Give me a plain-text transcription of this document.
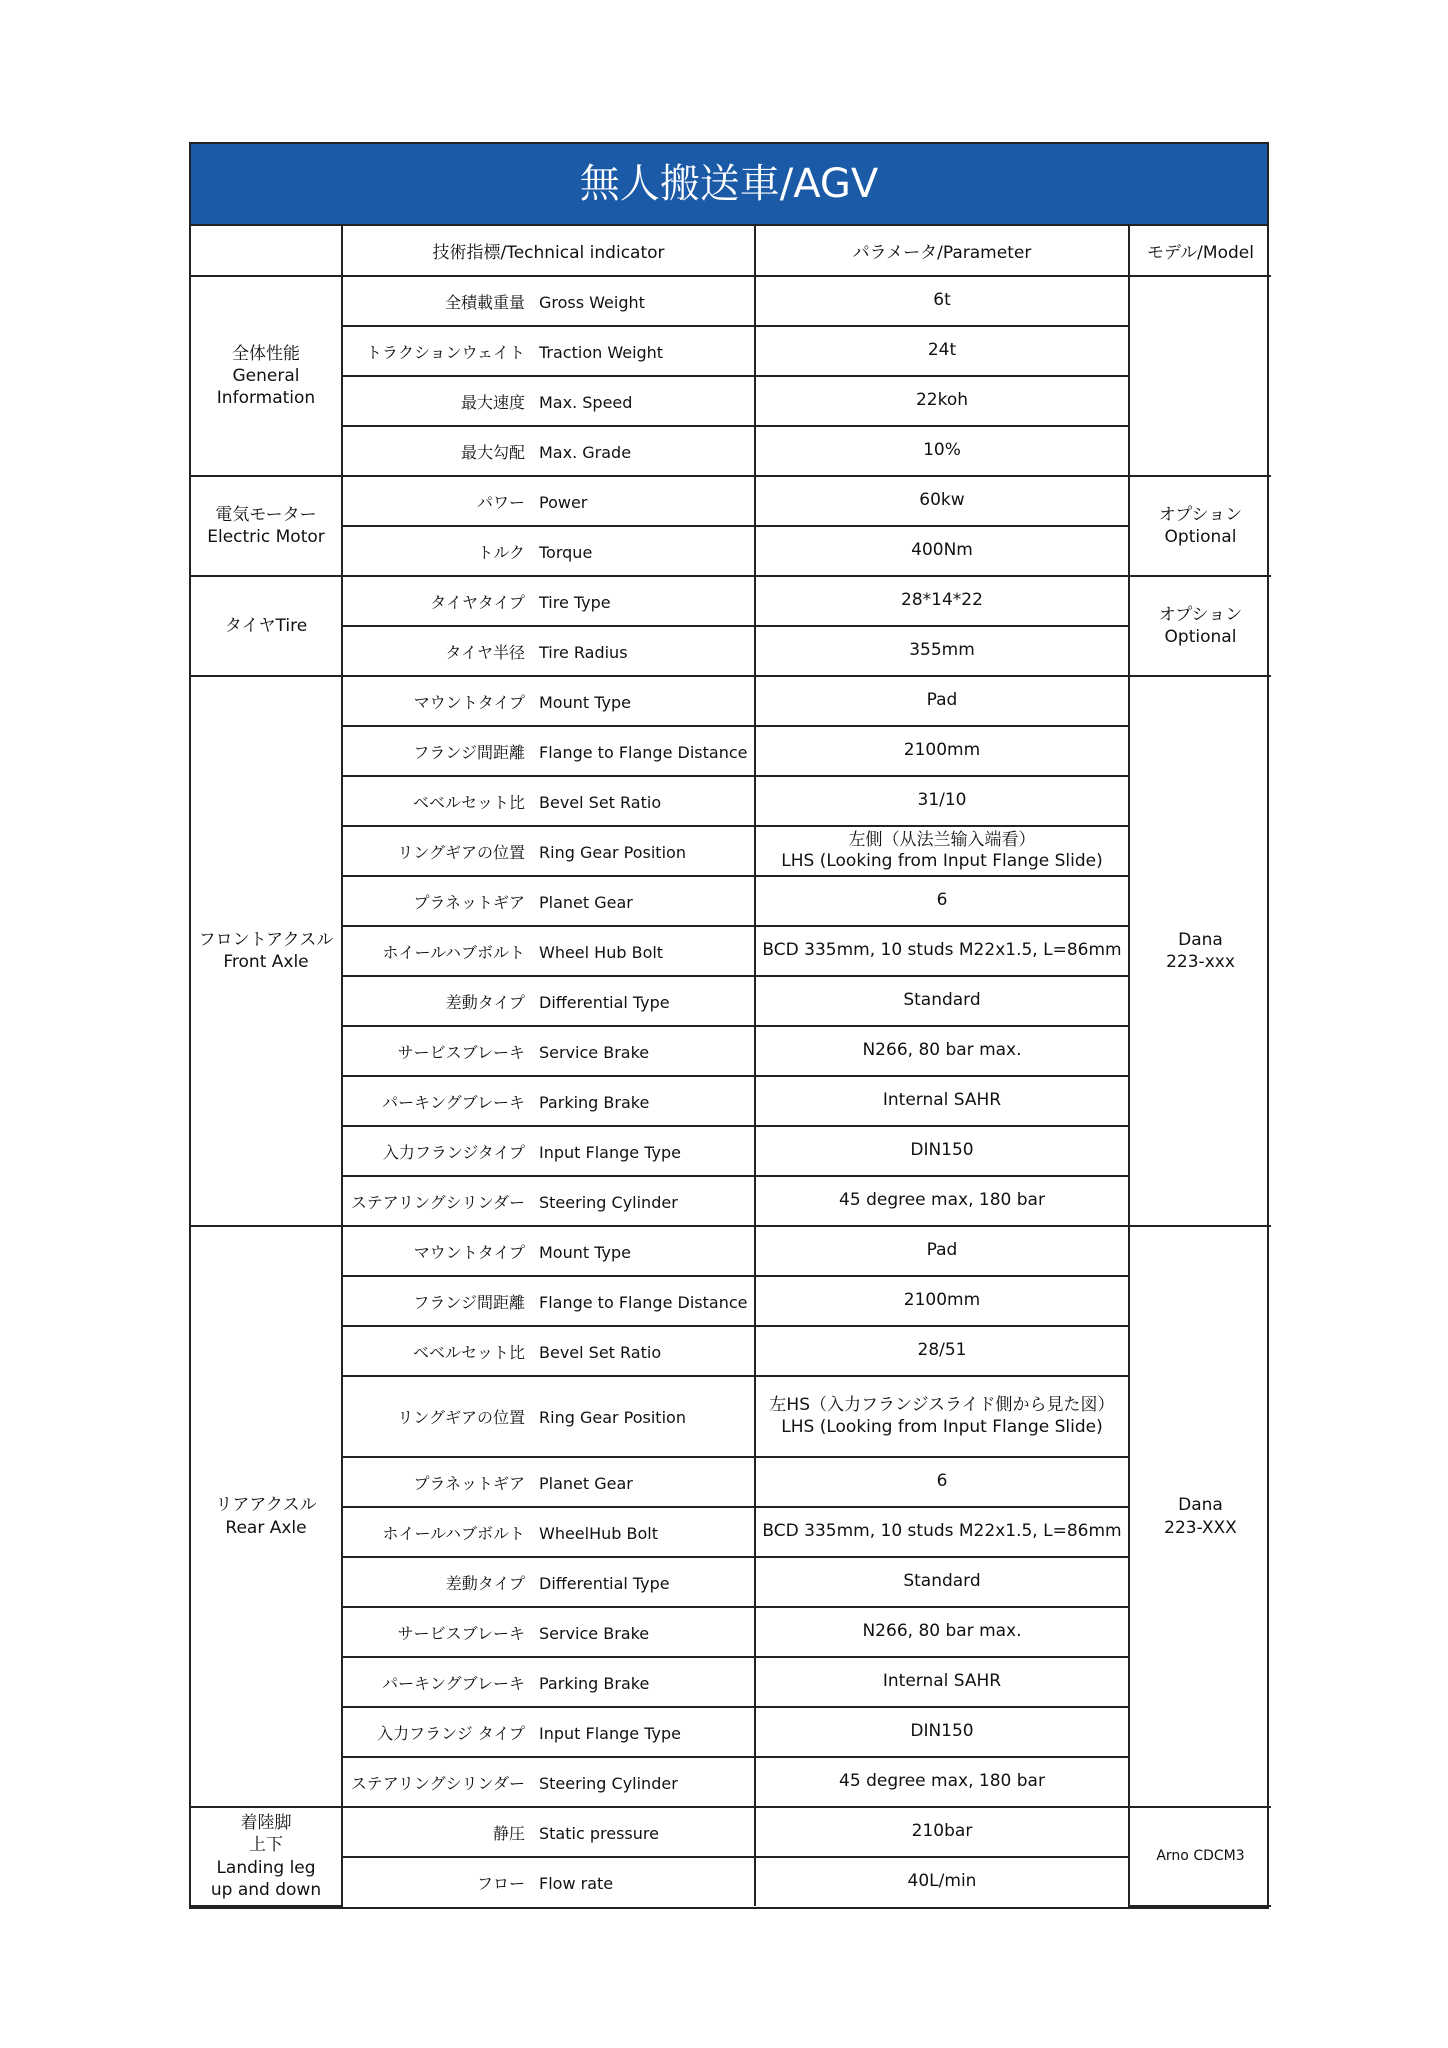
無人搬送車/AGV
	技術指標/Technical indicator	パラメータ/Parameter	モデル/Model

全体性能
General
Information	全積載重量 Gross Weight	6t	

	トラクションウェイト Traction Weight	24t	

	最大速度 Max. Speed	22koh	

	最大勾配 Max. Grade	10%	

電気モーター
Electric Motor	パワー Power	60kw	オプション
Optional

	トルク Torque	400Nm	

タイヤTire	タイヤタイプ Tire Type	28*14*22	オプション
Optional

	タイヤ半径 Tire Radius	355mm	

フロントアクスル
Front Axle	マウントタイプ Mount Type	Pad	Dana
223-xxx

	フランジ間距離 Flange to Flange Distance	2100mm	

	ベベルセット比 Bevel Set Ratio	31/10	

	リングギアの位置 Ring Gear Position	左側（从法兰输入端看）
LHS (Looking from Input Flange Slide)	

	プラネットギア Planet Gear	6	

	ホイールハブボルト Wheel Hub Bolt	BCD 335mm, 10 studs M22x1.5, L=86mm	

	差動タイプ Differential Type	Standard	

	サービスブレーキ Service Brake	N266, 80 bar max.	

	パーキングブレーキ Parking Brake	Internal SAHR	

	入力フランジタイプ Input Flange Type	DIN150	

	ステアリングシリンダー Steering Cylinder	45 degree max, 180 bar	

リアアクスル
Rear Axle	マウントタイプ Mount Type	Pad	Dana
223-XXX

	フランジ間距離 Flange to Flange Distance	2100mm	

	ベベルセット比 Bevel Set Ratio	28/51	

	リングギアの位置 Ring Gear Position	左HS（入力フランジスライド側から見た図）
LHS (Looking from Input Flange Slide)	

	プラネットギア Planet Gear	6	

	ホイールハブボルト WheelHub Bolt	BCD 335mm, 10 studs M22x1.5, L=86mm	

	差動タイプ Differential Type	Standard	

	サービスブレーキ Service Brake	N266, 80 bar max.	

	パーキングブレーキ Parking Brake	Internal SAHR	

	入力フランジ タイプ Input Flange Type	DIN150	

	ステアリングシリンダー Steering Cylinder	45 degree max, 180 bar	

着陸脚
上下
Landing leg
up and down	静圧 Static pressure	210bar	Arno CDCM3

	フロー Flow rate	40L/min	
